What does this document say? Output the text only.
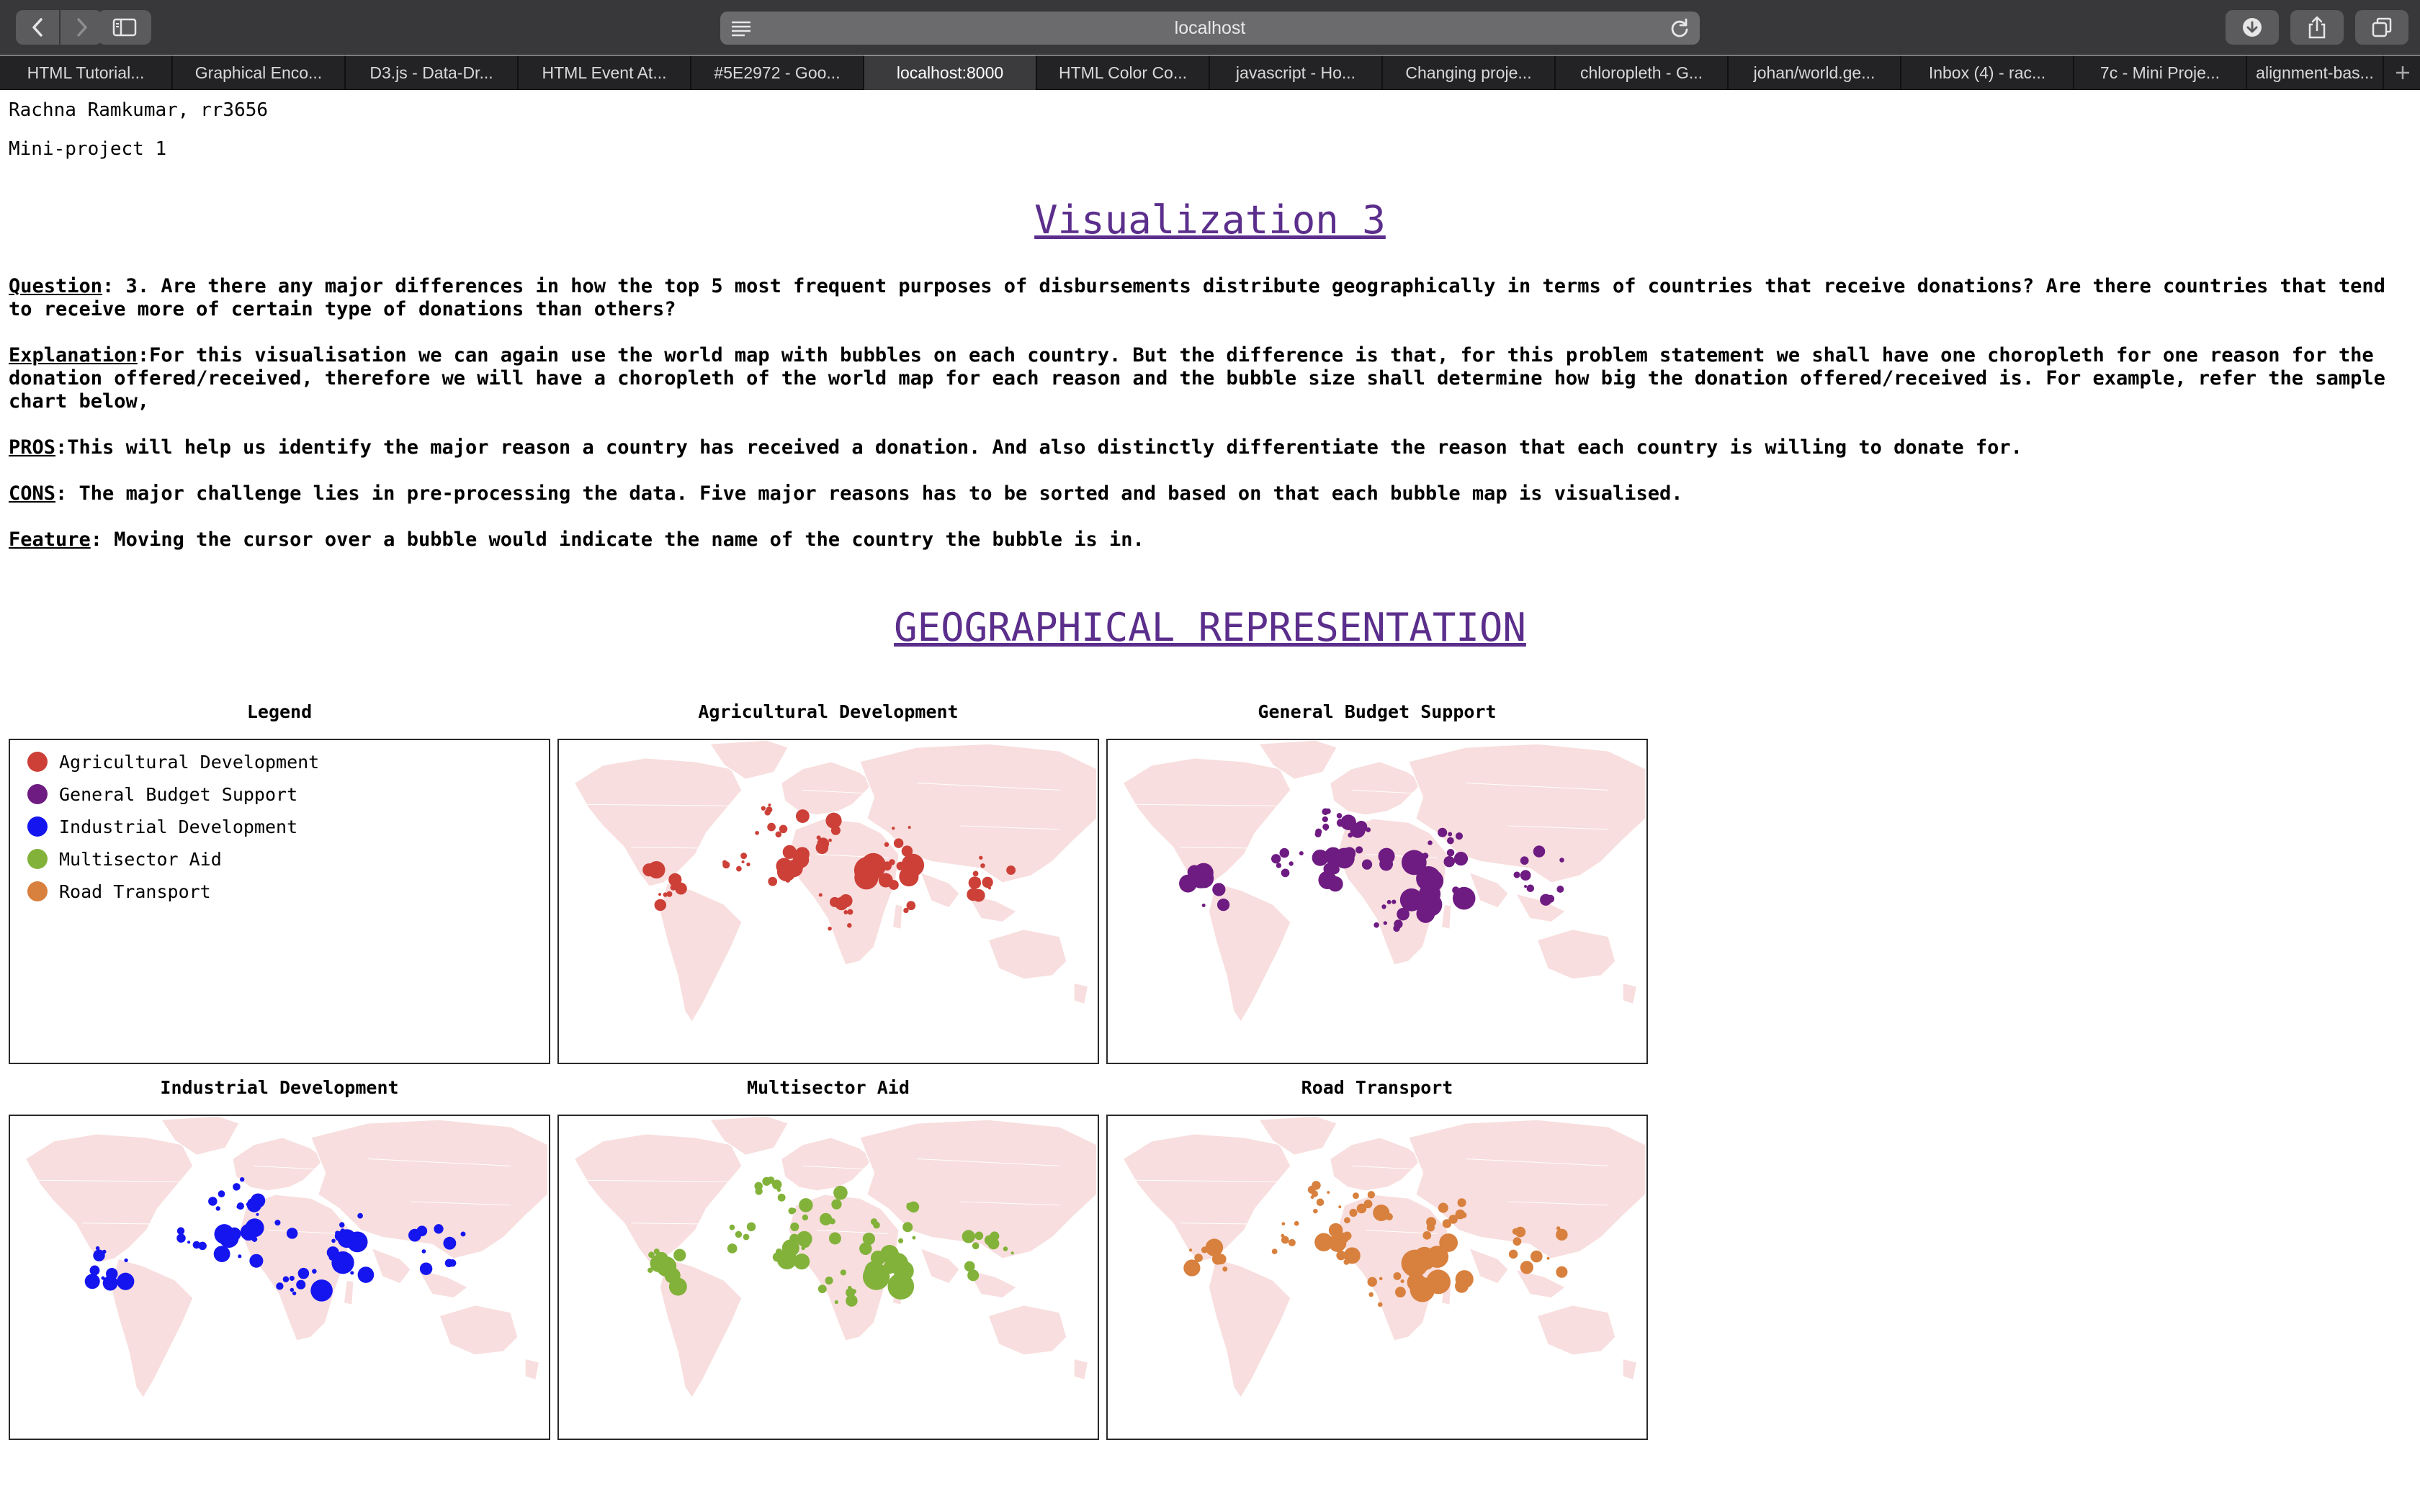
localhost
HTML Tutorial...	Graphical Enco...	D3.js - Data-Dr...	HTML Event At...	#5E2972 - Goo...	localhost:8000	HTML Color Co...	javascript - Ho...	Changing proje...	chloropleth - G...	johan/world.ge...	Inbox (4) - rac...	7c - Mini Proje...	alignment-bas...
Rachna Ramkumar, rr3656
Mini-project 1
Visualization 3
Question: 3. Are there any major differences in how the top 5 most frequent purposes of disbursements distribute geographically in terms of countries that receive donations? Are there countries that tend
to receive more of certain type of donations than others?
Explanation:For this visualisation we can again use the world map with bubbles on each country. But the difference is that, for this problem statement we shall have one choropleth for one reason for the
donation offered/received, therefore we will have a choropleth of the world map for each reason and the bubble size shall determine how big the donation offered/received is. For example, refer the sample
chart below,
PROS:This will help us identify the major reason a country has received a donation. And also distinctly differentiate the reason that each country is willing to donate for.
CONS: The major challenge lies in pre-processing the data. Five major reasons has to be sorted and based on that each bubble map is visualised.
Feature: Moving the cursor over a bubble would indicate the name of the country the bubble is in.
GEOGRAPHICAL REPRESENTATION
Legend
Agricultural Development
General Budget Support
Industrial Development
Multisector Aid
Road Transport
Agricultural Development	General Budget Support
Industrial Development	Multisector Aid	Road Transport
